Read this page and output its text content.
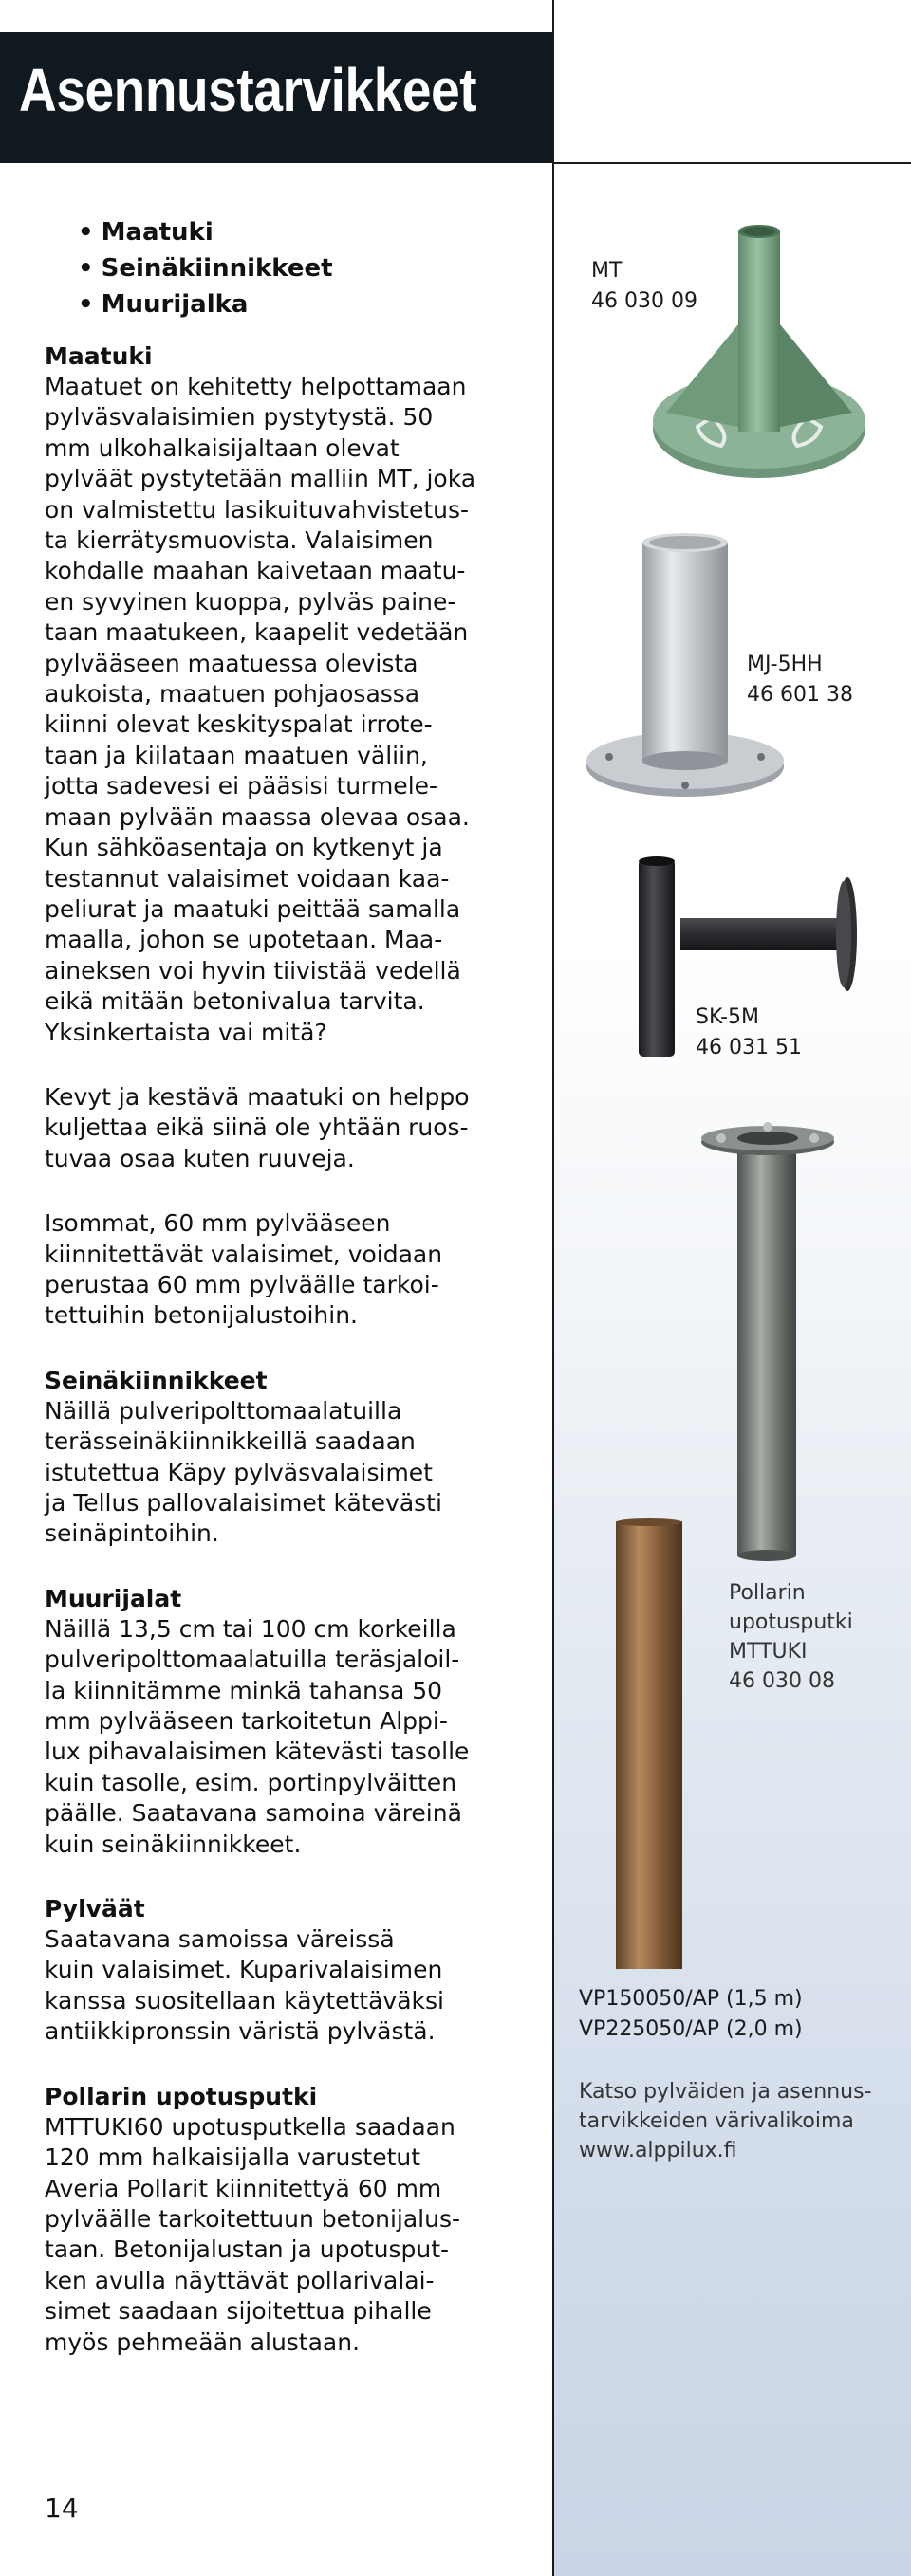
Asennustarvikkeet
• Maatuki
• Seinäkiinnikkeet
• Muurijalka
Maatuki
Maatuet on kehitetty helpottamaan
pylväsvalaisimien pystytystä. 50
mm ulkohalkaisijaltaan olevat
pylväät pystytetään malliin MT, joka
on valmistettu lasikuituvahvistetus-
ta kierrätysmuovista. Valaisimen
kohdalle maahan kaivetaan maatu-
en syvyinen kuoppa, pylväs paine-
taan maatukeen, kaapelit vedetään
pylvääseen maatuessa olevista
aukoista, maatuen pohjaosassa
kiinni olevat keskityspalat irrote-
taan ja kiilataan maatuen väliin,
jotta sadevesi ei pääsisi turmele-
maan pylvään maassa olevaa osaa.
Kun sähköasentaja on kytkenyt ja
testannut valaisimet voidaan kaa-
peliurat ja maatuki peittää samalla
maalla, johon se upotetaan. Maa-
aineksen voi hyvin tiivistää vedellä
eikä mitään betonivalua tarvita.
Yksinkertaista vai mitä?
Kevyt ja kestävä maatuki on helppo
kuljettaa eikä siinä ole yhtään ruos-
tuvaa osaa kuten ruuveja.
Isommat, 60 mm pylvääseen
kiinnitettävät valaisimet, voidaan
perustaa 60 mm pylväälle tarkoi-
tettuihin betonijalustoihin.
Seinäkiinnikkeet
Näillä pulveripolttomaalatuilla
terässeinäkiinnikkeillä saadaan
istutettua Käpy pylväsvalaisimet
ja Tellus pallovalaisimet kätevästi
seinäpintoihin.
Muurijalat
Näillä 13,5 cm tai 100 cm korkeilla
pulveripolttomaalatuilla teräsjaloil-
la kiinnitämme minkä tahansa 50
mm pylvääseen tarkoitetun Alppi-
lux pihavalaisimen kätevästi tasolle
kuin tasolle, esim. portinpylväitten
päälle. Saatavana samoina väreinä
kuin seinäkiinnikkeet.
Pylväät
Saatavana samoissa väreissä
kuin valaisimet. Kuparivalaisimen
kanssa suositellaan käytettäväksi
antiikkipronssin väristä pylvästä.
Pollarin upotusputki
MTTUKI60 upotusputkella saadaan
120 mm halkaisijalla varustetut
Averia Pollarit kiinnitettyä 60 mm
pylväälle tarkoitettuun betonijalus-
taan. Betonijalustan ja upotusput-
ken avulla näyttävät pollarivalai-
simet saadaan sijoitettua pihalle
myös pehmeään alustaan.
MT
46 030 09
MJ-5HH
46 601 38
SK-5M
46 031 51
Pollarin
upotusputki
MTTUKI
46 030 08
VP150050/AP (1,5 m)
VP225050/AP (2,0 m)
Katso pylväiden ja asennus-
tarvikkeiden värivalikoima
www.alppilux.fi
14
